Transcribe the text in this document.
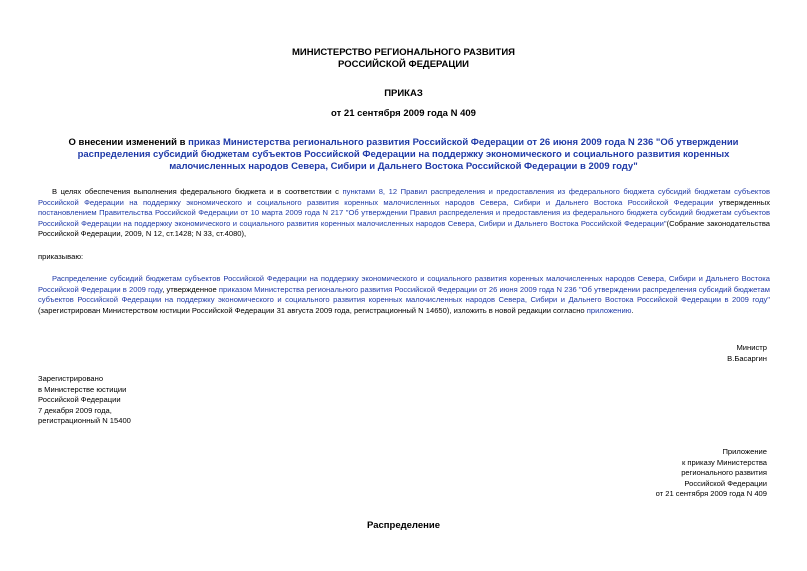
МИНИСТЕРСТВО РЕГИОНАЛЬНОГО РАЗВИТИЯ
РОССИЙСКОЙ ФЕДЕРАЦИИ
ПРИКАЗ
от 21 сентября 2009 года N 409
О внесении изменений в приказ Министерства регионального развития Российской Федерации от 26 июня 2009 года N 236 "Об утверждении распределения субсидий бюджетам субъектов Российской Федерации на поддержку экономического и социального развития коренных малочисленных народов Севера, Сибири и Дальнего Востока Российской Федерации в 2009 году"
В целях обеспечения выполнения федерального бюджета и в соответствии с пунктами 8, 12 Правил распределения и предоставления из федерального бюджета субсидий бюджетам субъектов Российской Федерации на поддержку экономического и социального развития коренных малочисленных народов Севера, Сибири и Дальнего Востока Российской Федерации утвержденных постановлением Правительства Российской Федерации от 10 марта 2009 года N 217 "Об утверждении Правил распределения и предоставления из федерального бюджета субсидий бюджетам субъектов Российской Федерации на поддержку экономического и социального развития коренных малочисленных народов Севера, Сибири и Дальнего Востока Российской Федерации"(Собрание законодательства Российской Федерации, 2009, N 12, ст.1428; N 33, ст.4080),
приказываю:
Распределение субсидий бюджетам субъектов Российской Федерации на поддержку экономического и социального развития коренных малочисленных народов Севера, Сибири и Дальнего Востока Российской Федерации в 2009 году, утвержденное приказом Министерства регионального развития Российской Федерации от 26 июня 2009 года N 236 "Об утверждении распределения субсидий бюджетам субъектов Российской Федерации на поддержку экономического и социального развития коренных малочисленных народов Севера, Сибири и Дальнего Востока Российской Федерации в 2009 году"(зарегистрирован Министерством юстиции Российской Федерации 31 августа 2009 года, регистрационный N 14650), изложить в новой редакции согласно приложению.
Министр
В.Басаргин
Зарегистрировано
в Министерстве юстиции
Российской Федерации
7 декабря 2009 года,
регистрационный N 15400
Приложение
к приказу Министерства
регионального развития
Российской Федерации
от 21 сентября 2009 года N 409
Распределение
